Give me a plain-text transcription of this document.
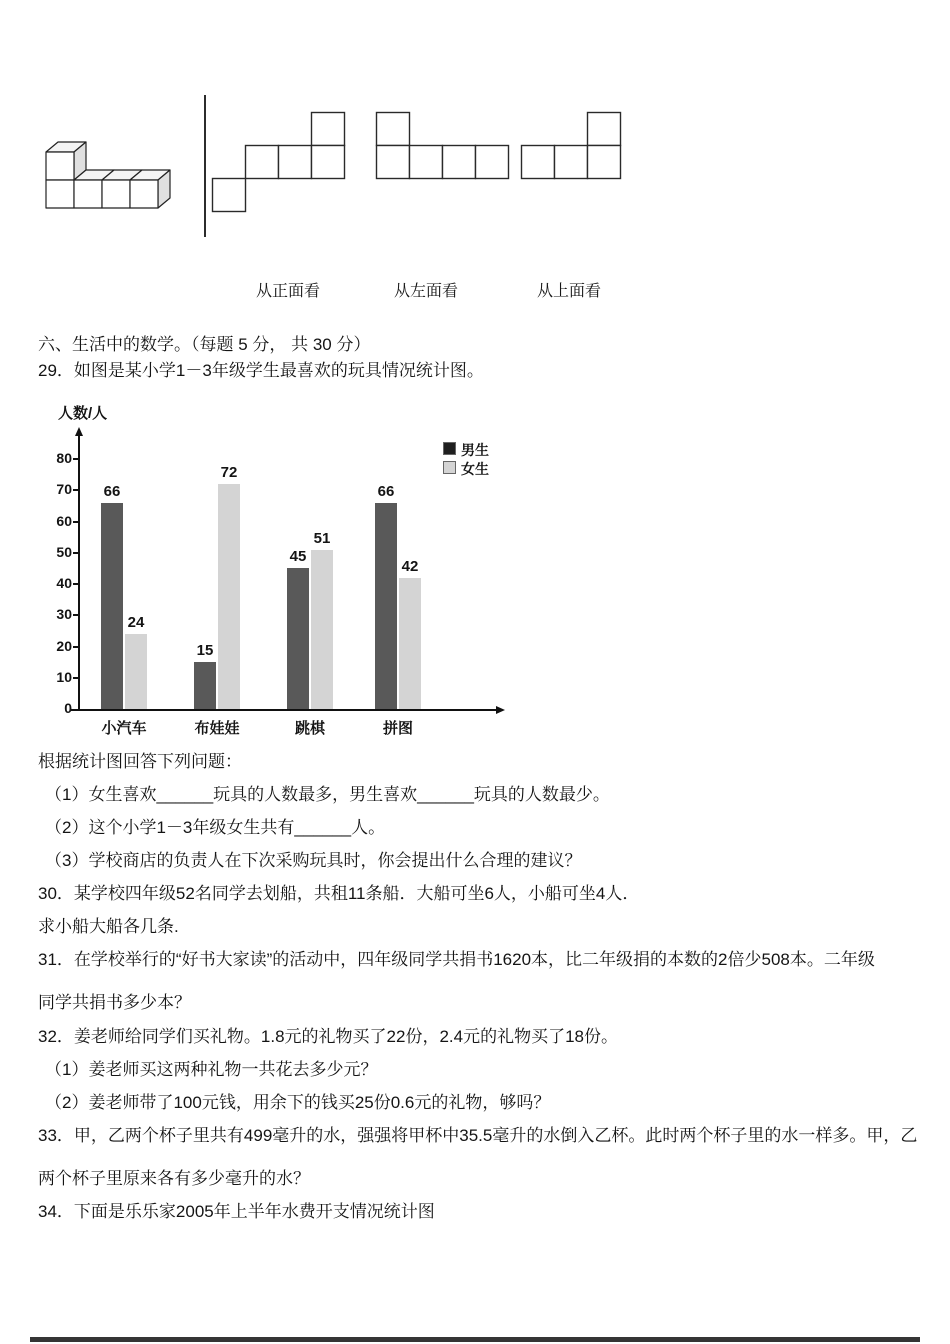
从正面看	从左面看	从上面看

六、生活中的数学。（每题 5 分， 共 30 分）

29．如图是某小学1－3年级学生最喜欢的玩具情况统计图。

人数/人
0
10
20
30
40
50
60
70
80
66
24
小汽车
15
72
布娃娃
45
51
跳棋
66
42
拼图
男生
女生

根据统计图回答下列问题：

（1）女生喜欢______玩具的人数最多，男生喜欢______玩具的人数最少。

（2）这个小学1－3年级女生共有______人。

（3）学校商店的负责人在下次采购玩具时，你会提出什么合理的建议？

30．某学校四年级52名同学去划船，共租11条船．大船可坐6人，小船可坐4人．

求小船大船各几条.

31．在学校举行的“好书大家读”的活动中，四年级同学共捐书1620本，比二年级捐的本数的2倍少508本。二年级

同学共捐书多少本？

32．姜老师给同学们买礼物。1.8元的礼物买了22份，2.4元的礼物买了18份。

（1）姜老师买这两种礼物一共花去多少元？

（2）姜老师带了100元钱，用余下的钱买25份0.6元的礼物，够吗？

33．甲，乙两个杯子里共有499毫升的水，强强将甲杯中35.5毫升的水倒入乙杯。此时两个杯子里的水一样多。甲，乙

两个杯子里原来各有多少毫升的水？

34．下面是乐乐家2005年上半年水费开支情况统计图
